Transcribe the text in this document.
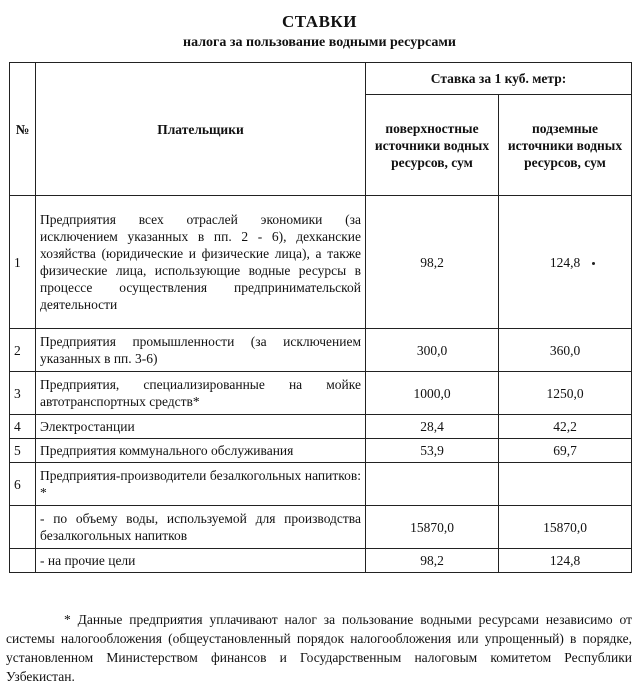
СТАВКИ
налога за пользование водными ресурсами
№	Плательщики	Ставка за 1 куб. метр:	
		поверхностные источники водных ресурсов, сум	подземные источники водных ресурсов, сум
1	Предприятия всех отраслей экономики (за исключением указанных в пп. 2 - 6), дехканские хозяйства (юридические и физические лица), а также физические лица, использующие водные ресурсы в процессе осуществления предпринимательской деятельности	98,2	124,8
2	Предприятия промышленности (за исключением указанных в пп. 3-6)	300,0	360,0
3	Предприятия, специализированные на мойке автотранспортных средств*	1000,0	1250,0
4	Электростанции	28,4	42,2
5	Предприятия коммунального обслуживания	53,9	69,7
6	Предприятия-производители безалкогольных напитков: *		
	- по объему воды, используемой для производства безалкогольных напитков	15870,0	15870,0
	- на прочие цели	98,2	124,8
* Данные предприятия уплачивают налог за пользование водными ресурсами независимо от системы налогообложения (общеустановленный порядок налогообложения или упрощенный) в порядке, установленном Министерством финансов и Государственным налоговым комитетом Республики Узбекистан.
